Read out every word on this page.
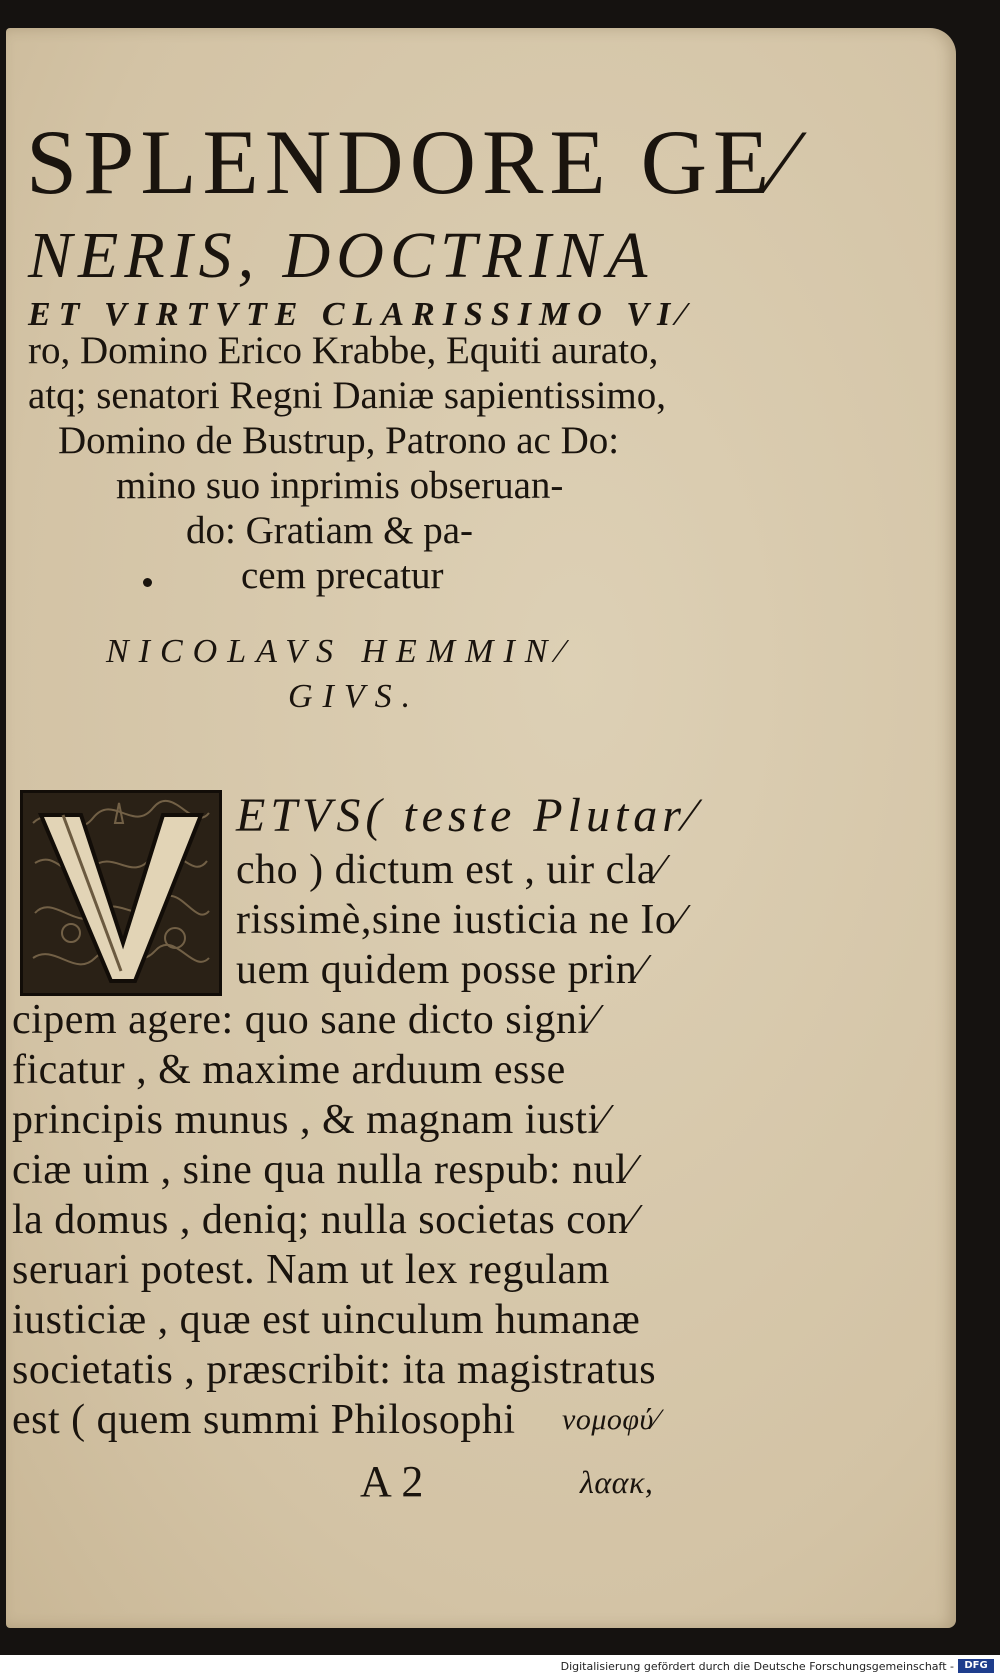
SPLENDORE GE⁄
NERIS, DOCTRINA
ET VIRTVTE CLARISSIMO VI⁄
ro, Domino Erico Krabbe, Equiti aurato,
atq; senatori Regni Daniæ sapientissimo,
Domino de Bustrup, Patrono ac Do:
mino suo inprimis obseruan-
do: Gratiam & pa-
cem precatur
NICOLAVS HEMMIN⁄
GIVS.
ETVS( teste Plutar⁄
cho ) dictum est , uir cla⁄
rissimè,sine iusticia ne Io⁄
uem quidem posse prin⁄
cipem agere: quo sane dicto signi⁄
ficatur , & maxime arduum esse
principis munus , & magnam iusti⁄
ciæ uim , sine qua nulla respub: nul⁄
la domus , deniq; nulla societas con⁄
seruari potest. Nam ut lex regulam
iusticiæ , quæ est uinculum humanæ
societatis , præscribit: ita magistratus
est ( quem summi Philosophi νομοφύ⁄
A 2	λαακ,
Digitalisierung gefördert durch die Deutsche Forschungsgemeinschaft -	DFG
